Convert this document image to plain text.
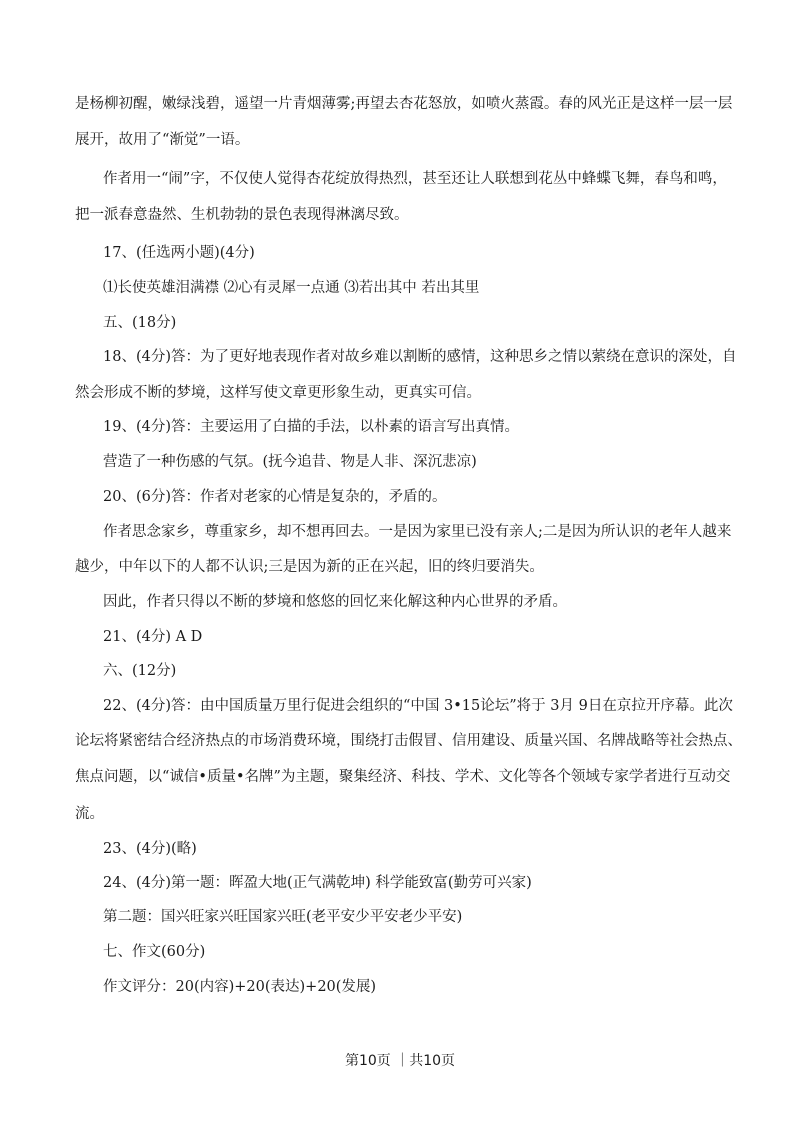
是杨柳初醒，嫩绿浅碧，遥望一片青烟薄雾;再望去杏花怒放，如喷火蒸霞。春的风光正是这样一层一层
展开，故用了“渐觉”一语。
作者用一“闹”字，不仅使人觉得杏花绽放得热烈，甚至还让人联想到花丛中蜂蝶飞舞，春鸟和鸣，
把一派春意盎然、生机勃勃的景色表现得淋漓尽致。
17、(任选两小题)(4分)
⑴长使英雄泪满襟 ⑵心有灵犀一点通 ⑶若出其中 若出其里
五、(18分)
18、(4分)答：为了更好地表现作者对故乡难以割断的感情，这种思乡之情以萦绕在意识的深处，自
然会形成不断的梦境，这样写使文章更形象生动，更真实可信。
19、(4分)答：主要运用了白描的手法，以朴素的语言写出真情。
营造了一种伤感的气氛。(抚今追昔、物是人非、深沉悲凉)
20、(6分)答：作者对老家的心情是复杂的，矛盾的。
作者思念家乡，尊重家乡，却不想再回去。一是因为家里已没有亲人;二是因为所认识的老年人越来
越少，中年以下的人都不认识;三是因为新的正在兴起，旧的终归要消失。
因此，作者只得以不断的梦境和悠悠的回忆来化解这种内心世界的矛盾。
21、(4分) A D
六、(12分)
22、(4分)答：由中国质量万里行促进会组织的“中国 3•15论坛”将于 3月 9日在京拉开序幕。此次
论坛将紧密结合经济热点的市场消费环境，围绕打击假冒、信用建设、质量兴国、名牌战略等社会热点、
焦点问题，以“诚信•质量•名牌”为主题，聚集经济、科技、学术、文化等各个领域专家学者进行互动交
流。
23、(4分)(略)
24、(4分)第一题：晖盈大地(正气满乾坤) 科学能致富(勤劳可兴家)
第二题：国兴旺家兴旺国家兴旺(老平安少平安老少平安)
七、作文(60分)
作文评分：20(内容)+20(表达)+20(发展)
第10页 ｜共10页
